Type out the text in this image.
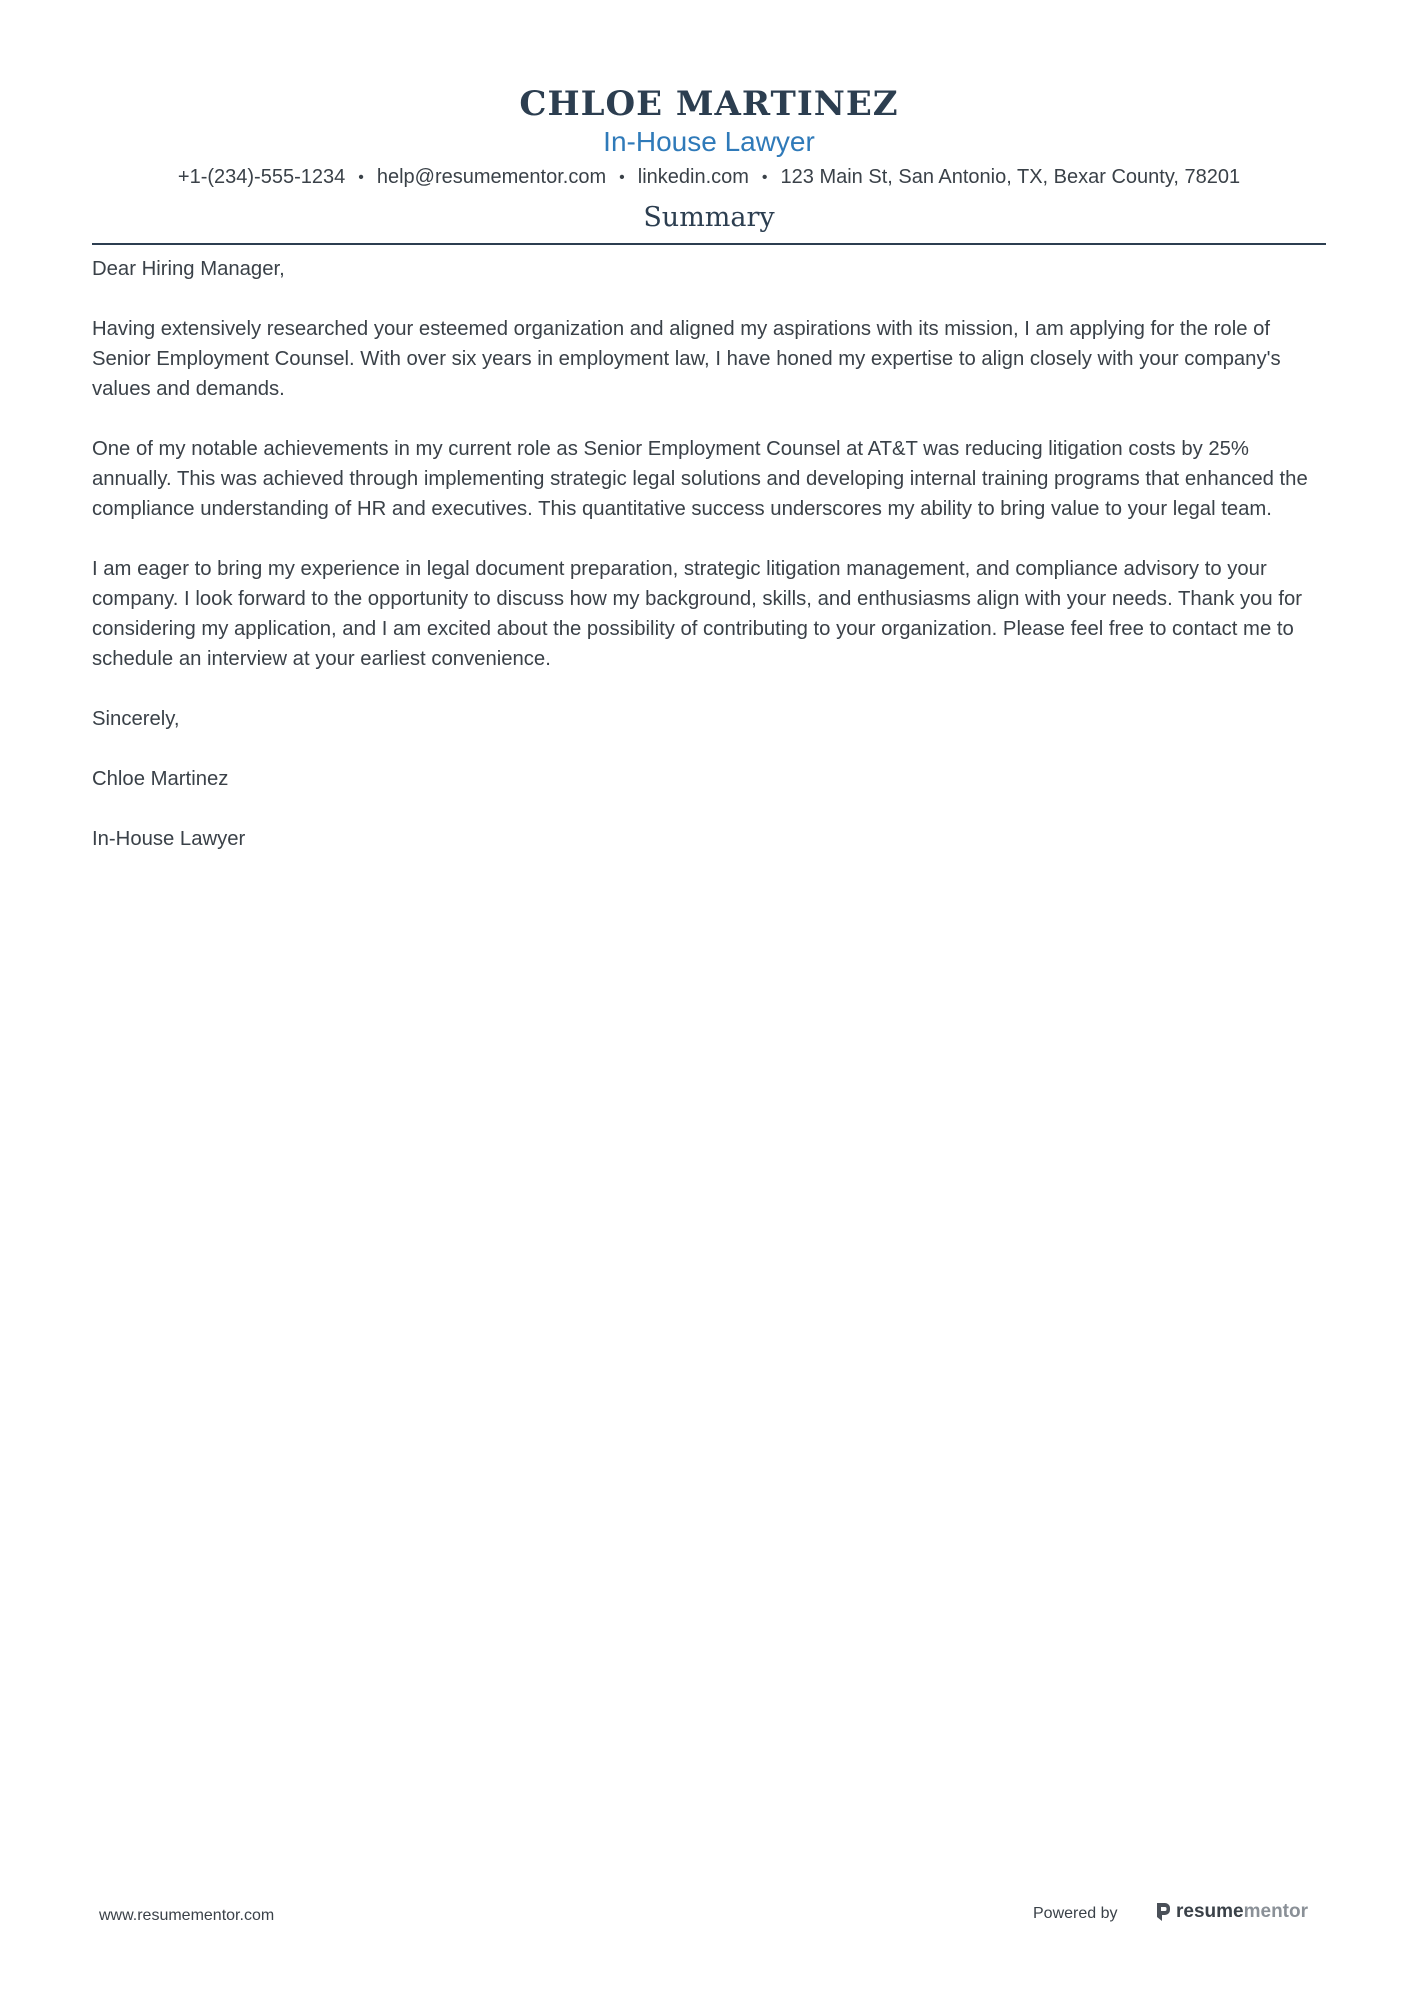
CHLOE MARTINEZ
In-House Lawyer
+1-(234)-555-1234 • help@resumementor.com • linkedin.com • 123 Main St, San Antonio, TX, Bexar County, 78201
Summary

Dear Hiring Manager,

Having extensively researched your esteemed organization and aligned my aspirations with its mission, I am applying for the role of Senior Employment Counsel. With over six years in employment law, I have honed my expertise to align closely with your company's values and demands.

One of my notable achievements in my current role as Senior Employment Counsel at AT&T was reducing litigation costs by 25% annually. This was achieved through implementing strategic legal solutions and developing internal training programs that enhanced the compliance understanding of HR and executives. This quantitative success underscores my ability to bring value to your legal team.

I am eager to bring my experience in legal document preparation, strategic litigation management, and compliance advisory to your company. I look forward to the opportunity to discuss how my background, skills, and enthusiasms align with your needs. Thank you for considering my application, and I am excited about the possibility of contributing to your organization. Please feel free to contact me to schedule an interview at your earliest convenience.

Sincerely,

Chloe Martinez

In-House Lawyer

www.resumementor.com	Powered by	resume mentor
